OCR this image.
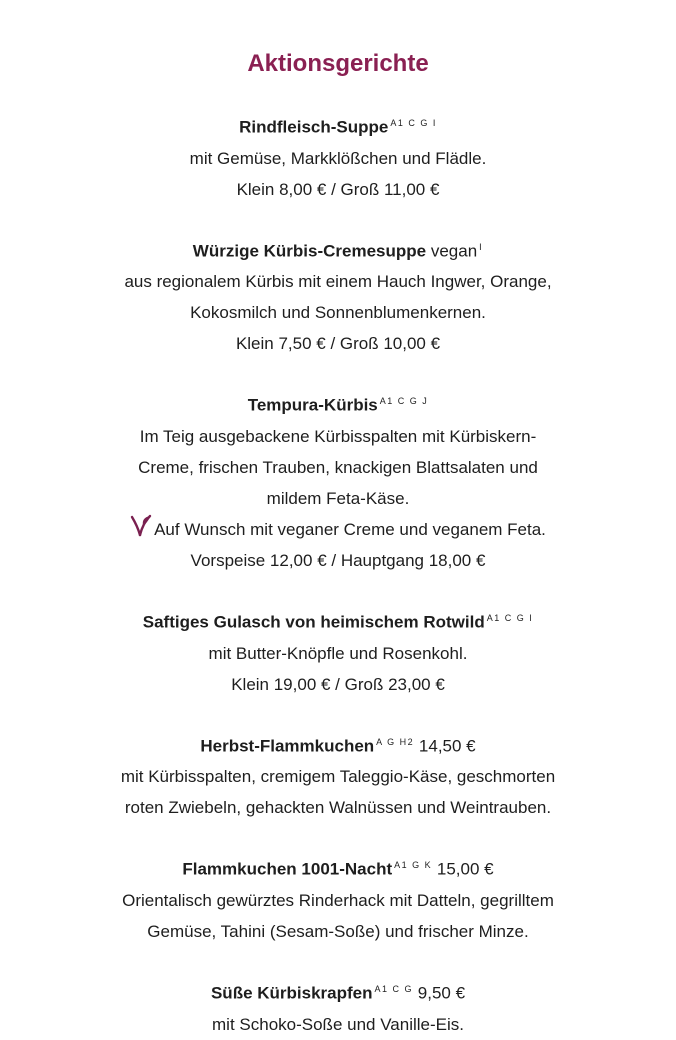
Aktionsgerichte

Rindfleisch-Suppe $^{A1 C G I}$

mit Gemüse, Markklößchen und Flädle.

Klein 8,00 € / Groß 11,00 €

Würzige Kürbis-Cremesuppe vegan $^I$

aus regionalem Kürbis mit einem Hauch Ingwer, Orange,

Kokosmilch und Sonnenblumenkernen.

Klein 7,50 € / Groß 10,00 €

Tempura-Kürbis $^{A1 C G J}$

Im Teig ausgebackene Kürbisspalten mit Kürbiskern-

Creme, frischen Trauben, knackigen Blattsalaten und

mildem Feta-Käse.

Auf Wunsch mit veganer Creme und veganem Feta.

Vorspeise 12,00 € / Hauptgang 18,00 €

Saftiges Gulasch von heimischem Rotwild $^{A1 C G I}$

mit Butter-Knöpfle und Rosenkohl.

Klein 19,00 € / Groß 23,00 €

Herbst-Flammkuchen $^{A G H2}$ 14,50 €

mit Kürbisspalten, cremigem Taleggio-Käse, geschmorten

roten Zwiebeln, gehackten Walnüssen und Weintrauben.

Flammkuchen 1001-Nacht $^{A1 G K}$ 15,00 €

Orientalisch gewürztes Rinderhack mit Datteln, gegrilltem

Gemüse, Tahini (Sesam-Soße) und frischer Minze.

Süße Kürbiskrapfen $^{A1 C G}$ 9,50 €

mit Schoko-Soße und Vanille-Eis.
